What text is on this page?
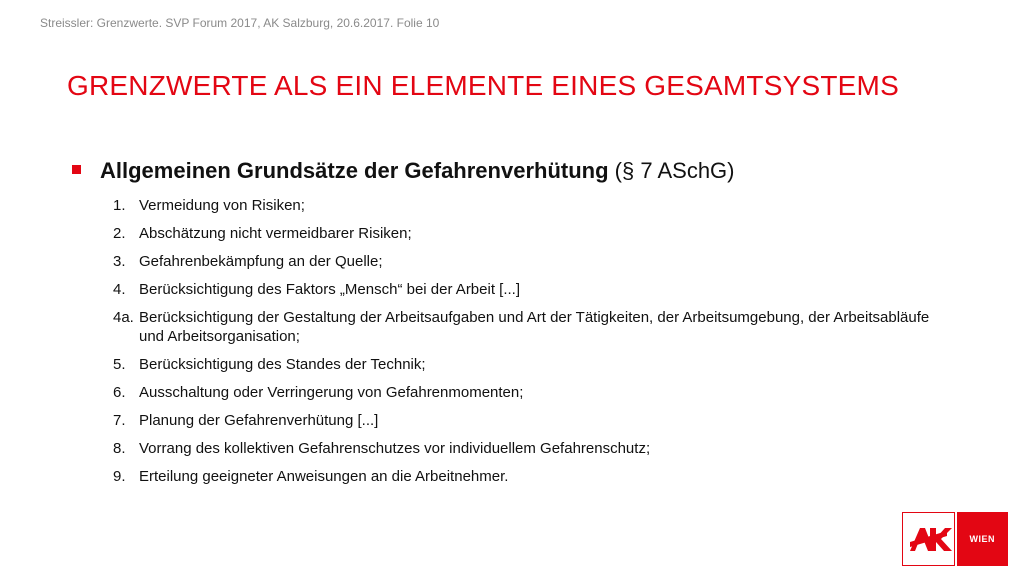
Streissler: Grenzwerte. SVP Forum 2017, AK Salzburg, 20.6.2017. Folie 10
GRENZWERTE ALS EIN ELEMENTE EINES GESAMTSYSTEMS
Allgemeinen Grundsätze der Gefahrenverhütung (§ 7 ASchG)
1. Vermeidung von Risiken;
2. Abschätzung nicht vermeidbarer Risiken;
3. Gefahrenbekämpfung an der Quelle;
4. Berücksichtigung des Faktors „Mensch“ bei der Arbeit [...]
4a. Berücksichtigung der Gestaltung der Arbeitsaufgaben und Art der Tätigkeiten, der Arbeitsumgebung, der Arbeitsabläufe und Arbeitsorganisation;
5. Berücksichtigung des Standes der Technik;
6. Ausschaltung oder Verringerung von Gefahrenmomenten;
7. Planung der Gefahrenverhütung [...]
8. Vorrang des kollektiven Gefahrenschutzes vor individuellem Gefahrenschutz;
9. Erteilung geeigneter Anweisungen an die Arbeitnehmer.
WIEN
